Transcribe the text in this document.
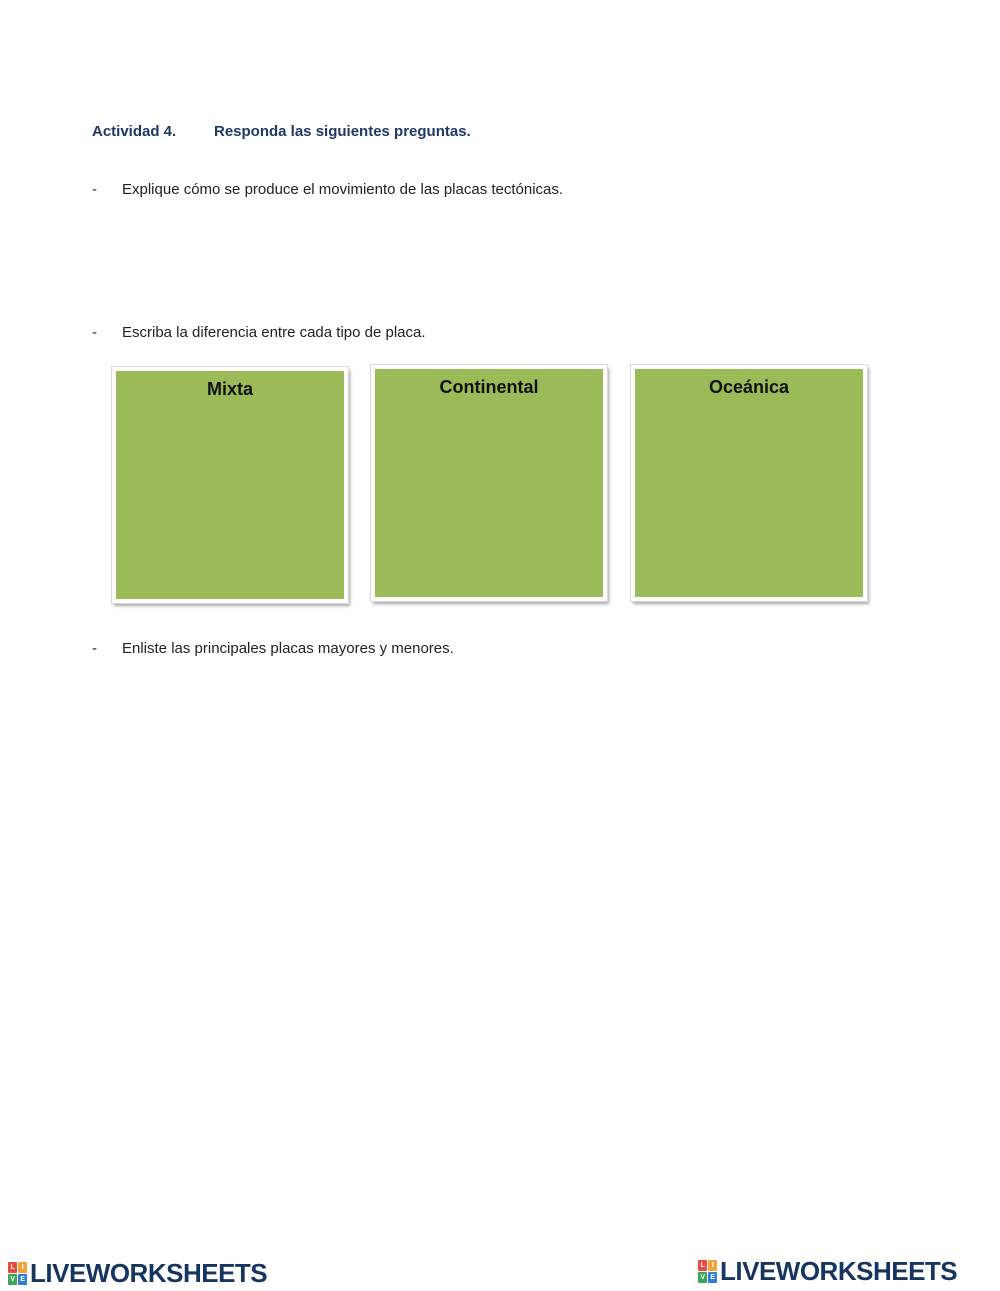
Actividad 4.	Responda las siguientes preguntas.
- Explique cómo se produce el movimiento de las placas tectónicas.
- Escriba la diferencia entre cada tipo de placa.
Mixta	Continental	Oceánica
- Enliste las principales placas mayores y menores.
L	I
V E LIVEWORKSHEETS	L	I
V E LIVEWORKSHEETS
